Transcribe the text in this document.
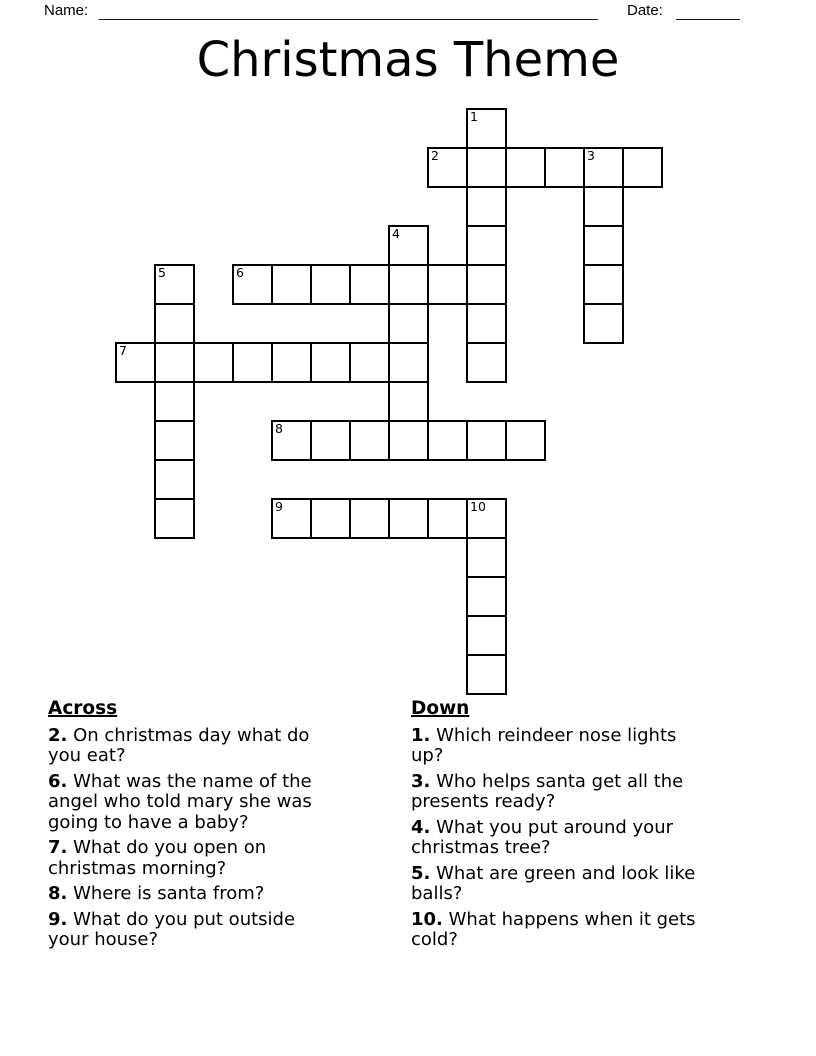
Name:	Date:
Christmas Theme
1
2	3
4
5	6
7
8
9	10

Across

2. On christmas day what do you eat?

6. What was the name of the angel who told mary she was going to have a baby?

7. What do you open on christmas morning?

8. Where is santa from?

9. What do you put outside your house?

Down

1. Which reindeer nose lights up?

3. Who helps santa get all the presents ready?

4. What you put around your christmas tree?

5. What are green and look like balls?

10. What happens when it gets cold?
